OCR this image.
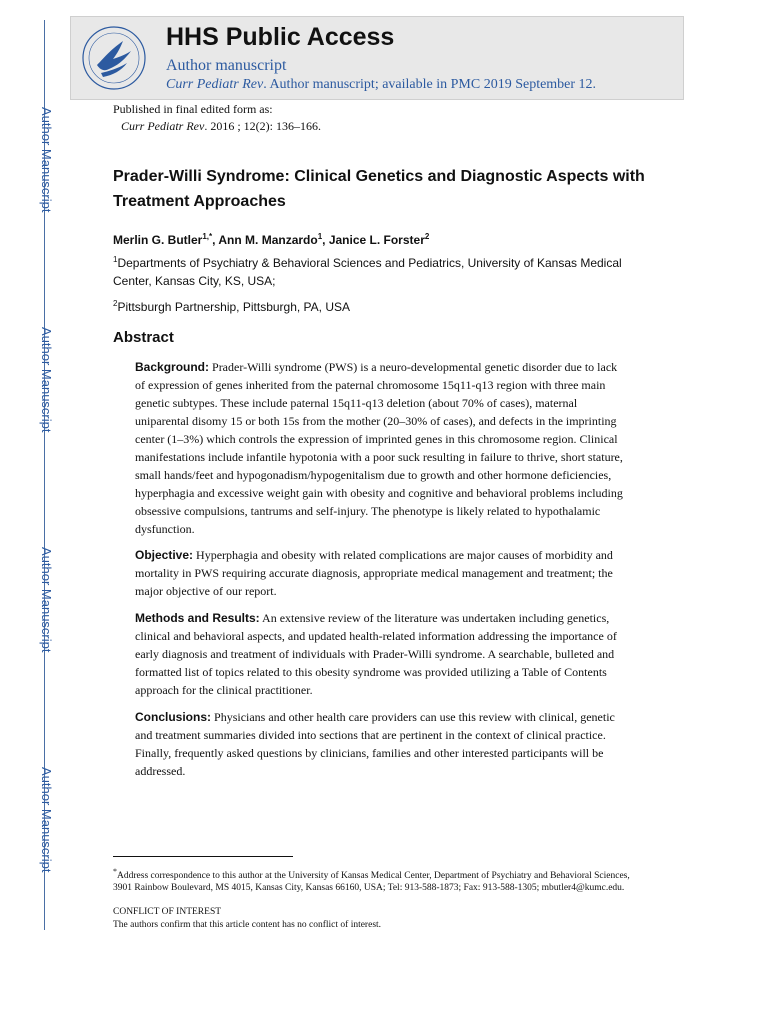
Author Manuscript
Author Manuscript
Author Manuscript
Author Manuscript
HHS Public Access
Author manuscript
Curr Pediatr Rev. Author manuscript; available in PMC 2019 September 12.
Published in final edited form as:
Curr Pediatr Rev. 2016 ; 12(2): 136–166.
Prader-Willi Syndrome: Clinical Genetics and Diagnostic Aspects with Treatment Approaches
Merlin G. Butler$^{1,*}$, Ann M. Manzardo$^1$, Janice L. Forster$^2$
$^1$Departments of Psychiatry & Behavioral Sciences and Pediatrics, University of Kansas Medical Center, Kansas City, KS, USA;
$^2$Pittsburgh Partnership, Pittsburgh, PA, USA
Abstract
Background: Prader-Willi syndrome (PWS) is a neuro-developmental genetic disorder due to lack of expression of genes inherited from the paternal chromosome 15q11-q13 region with three main genetic subtypes. These include paternal 15q11-q13 deletion (about 70% of cases), maternal uniparental disomy 15 or both 15s from the mother (20–30% of cases), and defects in the imprinting center (1–3%) which controls the expression of imprinted genes in this chromosome region. Clinical manifestations include infantile hypotonia with a poor suck resulting in failure to thrive, short stature, small hands/feet and hypogonadism/hypogenitalism due to growth and other hormone deficiencies, hyperphagia and excessive weight gain with obesity and cognitive and behavioral problems including obsessive compulsions, tantrums and self-injury. The phenotype is likely related to hypothalamic dysfunction.
Objective: Hyperphagia and obesity with related complications are major causes of morbidity and mortality in PWS requiring accurate diagnosis, appropriate medical management and treatment; the major objective of our report.
Methods and Results: An extensive review of the literature was undertaken including genetics, clinical and behavioral aspects, and updated health-related information addressing the importance of early diagnosis and treatment of individuals with Prader-Willi syndrome. A searchable, bulleted and formatted list of topics related to this obesity syndrome was provided utilizing a Table of Contents approach for the clinical practitioner.
Conclusions: Physicians and other health care providers can use this review with clinical, genetic and treatment summaries divided into sections that are pertinent in the context of clinical practice. Finally, frequently asked questions by clinicians, families and other interested participants will be addressed.
*Address correspondence to this author at the University of Kansas Medical Center, Department of Psychiatry and Behavioral Sciences, 3901 Rainbow Boulevard, MS 4015, Kansas City, Kansas 66160, USA; Tel: 913-588-1873; Fax: 913-588-1305; mbutler4@kumc.edu.
CONFLICT OF INTEREST
The authors confirm that this article content has no conflict of interest.
